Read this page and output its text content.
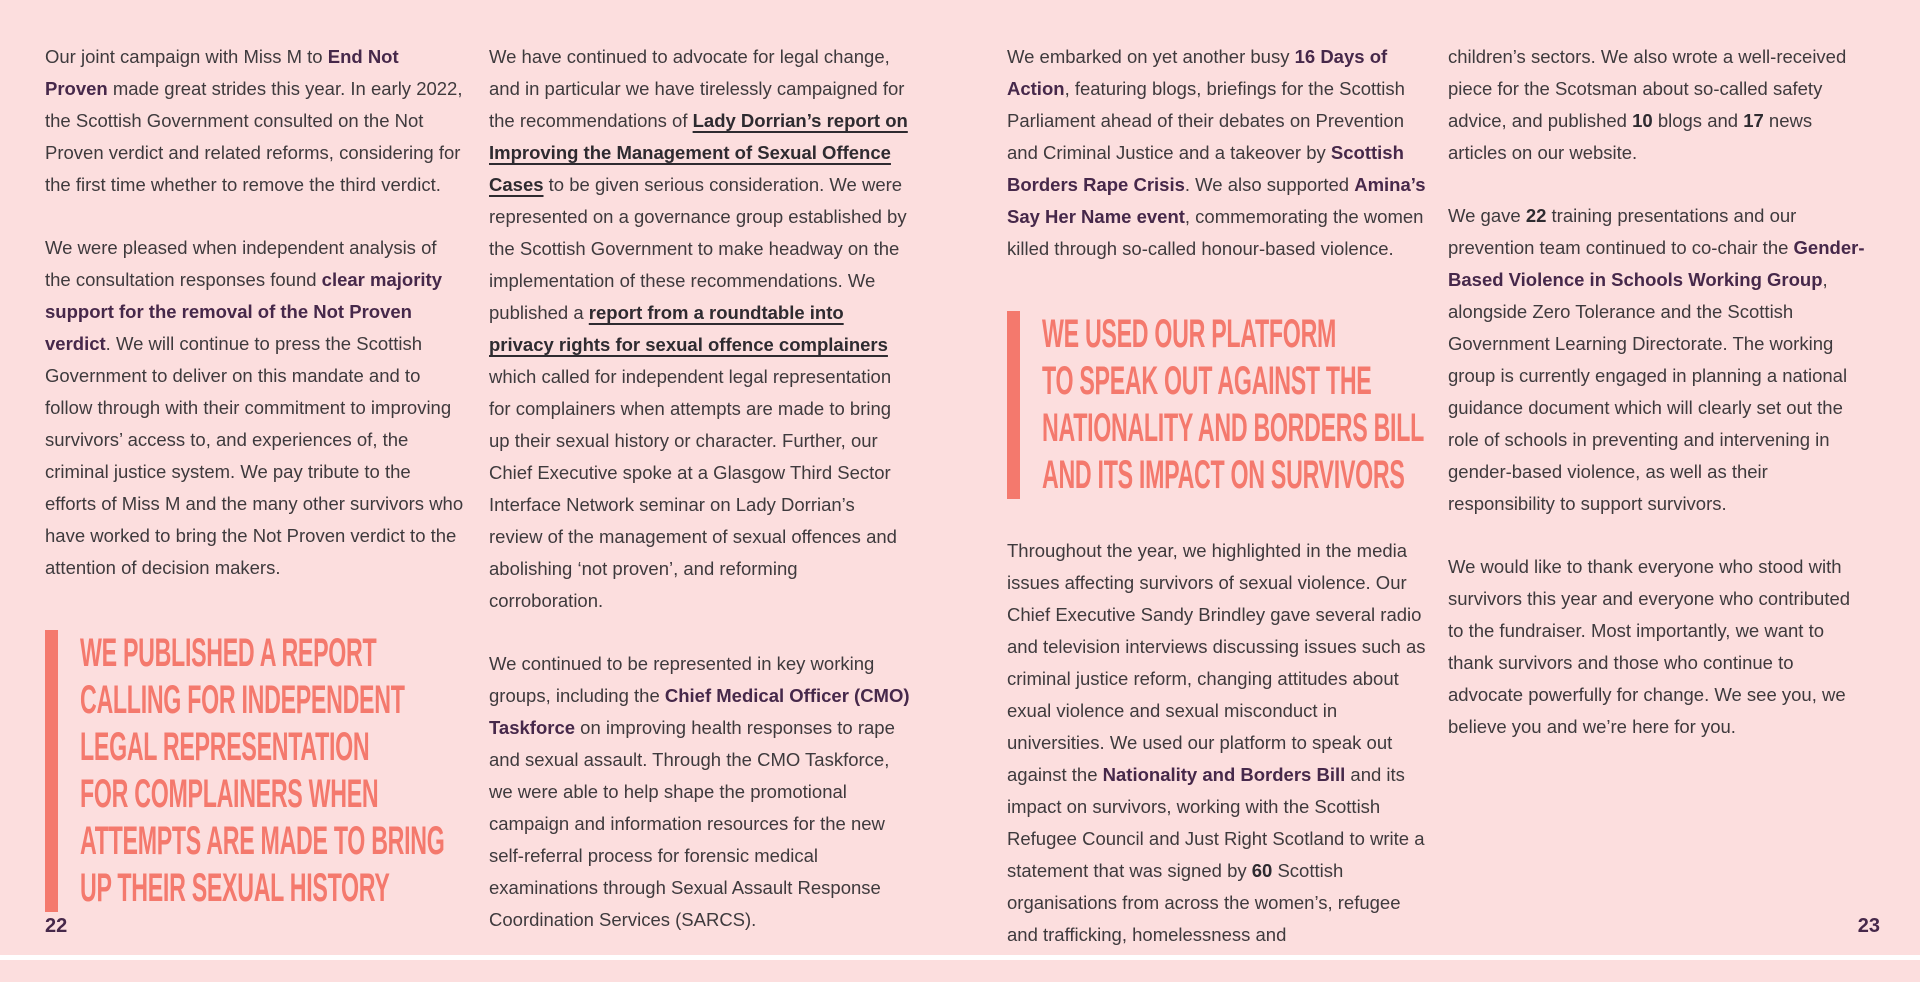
Our joint campaign with Miss M to End Not Proven made great strides this year. In early 2022, the Scottish Government consulted on the Not Proven verdict and related reforms, considering for the first time whether to remove the third verdict.

We were pleased when independent analysis of the consultation responses found clear majority support for the removal of the Not Proven verdict. We will continue to press the Scottish Government to deliver on this mandate and to follow through with their commitment to improving survivors’ access to, and experiences of, the criminal justice system. We pay tribute to the efforts of Miss M and the many other survivors who have worked to bring the Not Proven verdict to the attention of decision makers.

WE PUBLISHED A REPORT
CALLING FOR INDEPENDENT
LEGAL REPRESENTATION
FOR COMPLAINERS WHEN
ATTEMPTS ARE MADE TO BRING
UP THEIR SEXUAL HISTORY

We have continued to advocate for legal change, and in particular we have tirelessly campaigned for the recommendations of Lady Dorrian’s report on Improving the Management of Sexual Offence Cases to be given serious consideration. We were represented on a governance group established by the Scottish Government to make headway on the implementation of these recommendations. We published a report from a roundtable into privacy rights for sexual offence complainers which called for independent legal representation for complainers when attempts are made to bring up their sexual history or character. Further, our Chief Executive spoke at a Glasgow Third Sector Interface Network seminar on Lady Dorrian’s review of the management of sexual offences and abolishing ‘not proven’, and reforming corroboration.

We continued to be represented in key working groups, including the Chief Medical Officer (CMO) Taskforce on improving health responses to rape and sexual assault. Through the CMO Taskforce, we were able to help shape the promotional campaign and information resources for the new self-referral process for forensic medical examinations through Sexual Assault Response Coordination Services (SARCS).

We embarked on yet another busy 16 Days of Action, featuring blogs, briefings for the Scottish Parliament ahead of their debates on Prevention and Criminal Justice and a takeover by Scottish Borders Rape Crisis. We also supported Amina’s Say Her Name event, commemorating the women killed through so-called honour-based violence.

WE USED OUR PLATFORM
TO SPEAK OUT AGAINST THE
NATIONALITY AND BORDERS BILL
AND ITS IMPACT ON SURVIVORS

Throughout the year, we highlighted in the media issues affecting survivors of sexual violence. Our Chief Executive Sandy Brindley gave several radio and television interviews discussing issues such as criminal justice reform, changing attitudes about exual violence and sexual misconduct in universities. We used our platform to speak out against the Nationality and Borders Bill and its impact on survivors, working with the Scottish Refugee Council and Just Right Scotland to write a statement that was signed by 60 Scottish organisations from across the women’s, refugee and trafficking, homelessness and

children’s sectors. We also wrote a well-received piece for the Scotsman about so-called safety advice, and published 10 blogs and 17 news articles on our website.

We gave 22 training presentations and our prevention team continued to co-chair the Gender-Based Violence in Schools Working Group, alongside Zero Tolerance and the Scottish Government Learning Directorate. The working group is currently engaged in planning a national guidance document which will clearly set out the role of schools in preventing and intervening in gender-based violence, as well as their responsibility to support survivors.

We would like to thank everyone who stood with survivors this year and everyone who contributed to the fundraiser. Most importantly, we want to thank survivors and those who continue to advocate powerfully for change. We see you, we believe you and we’re here for you.

22	23
